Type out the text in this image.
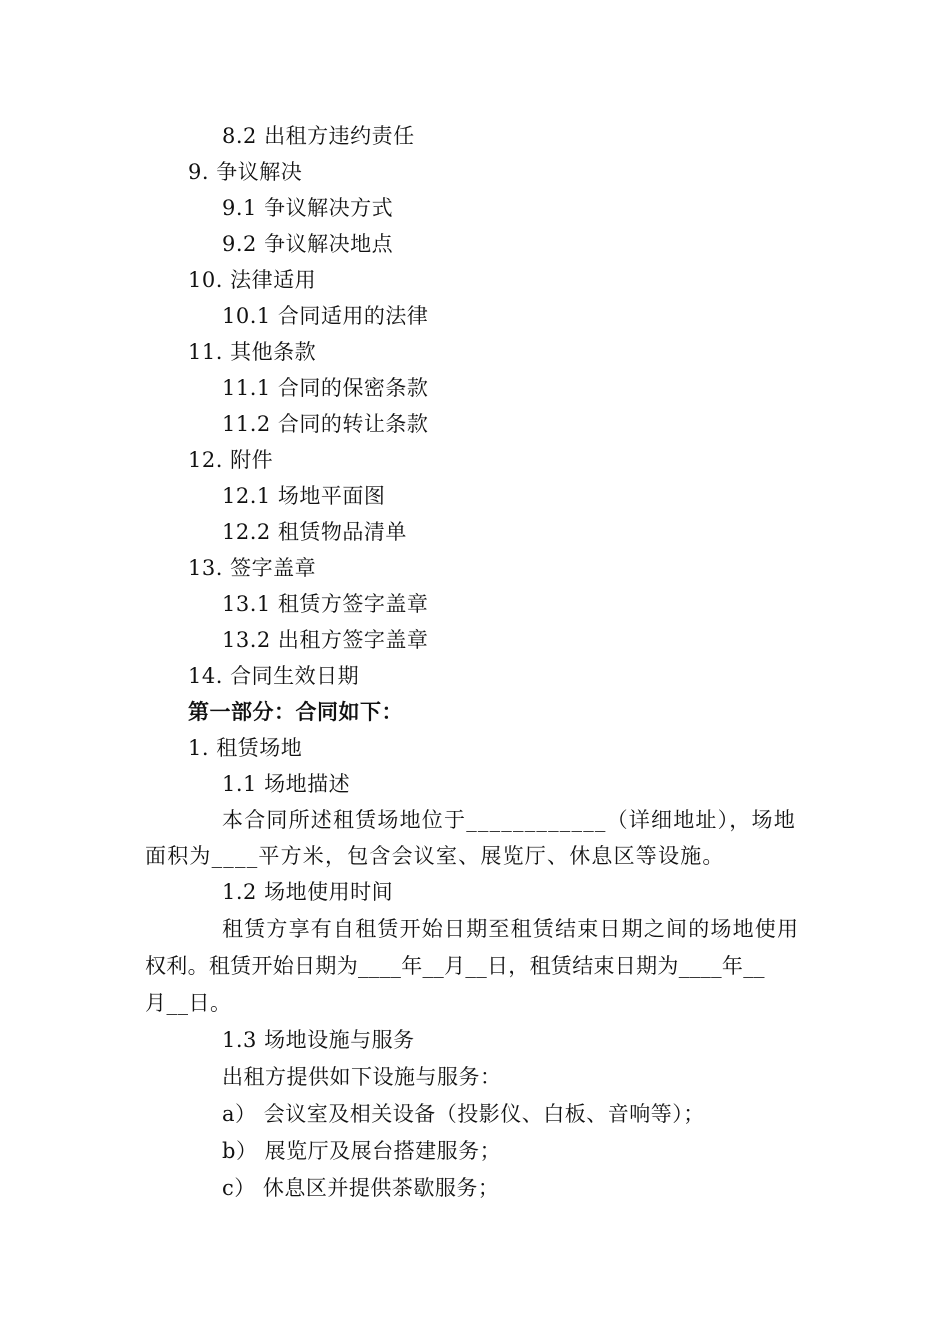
8.2 出租方违约责任
9. 争议解决
9.1 争议解决方式
9.2 争议解决地点
10. 法律适用
10.1 合同适用的法律
11. 其他条款
11.1 合同的保密条款
11.2 合同的转让条款
12. 附件
12.1 场地平面图
12.2 租赁物品清单
13. 签字盖章
13.1 租赁方签字盖章
13.2 出租方签字盖章
14. 合同生效日期
第一部分：合同如下：
1. 租赁场地
1.1 场地描述
本合同所述租赁场地位于____________（详细地址），场地
面积为____平方米，包含会议室、展览厅、休息区等设施。
1.2 场地使用时间
租赁方享有自租赁开始日期至租赁结束日期之间的场地使用
权利。租赁开始日期为____年__月__日，租赁结束日期为____年__
月__日。
1.3 场地设施与服务
出租方提供如下设施与服务：
a） 会议室及相关设备（投影仪、白板、音响等）；
b） 展览厅及展台搭建服务；
c） 休息区并提供茶歇服务；
